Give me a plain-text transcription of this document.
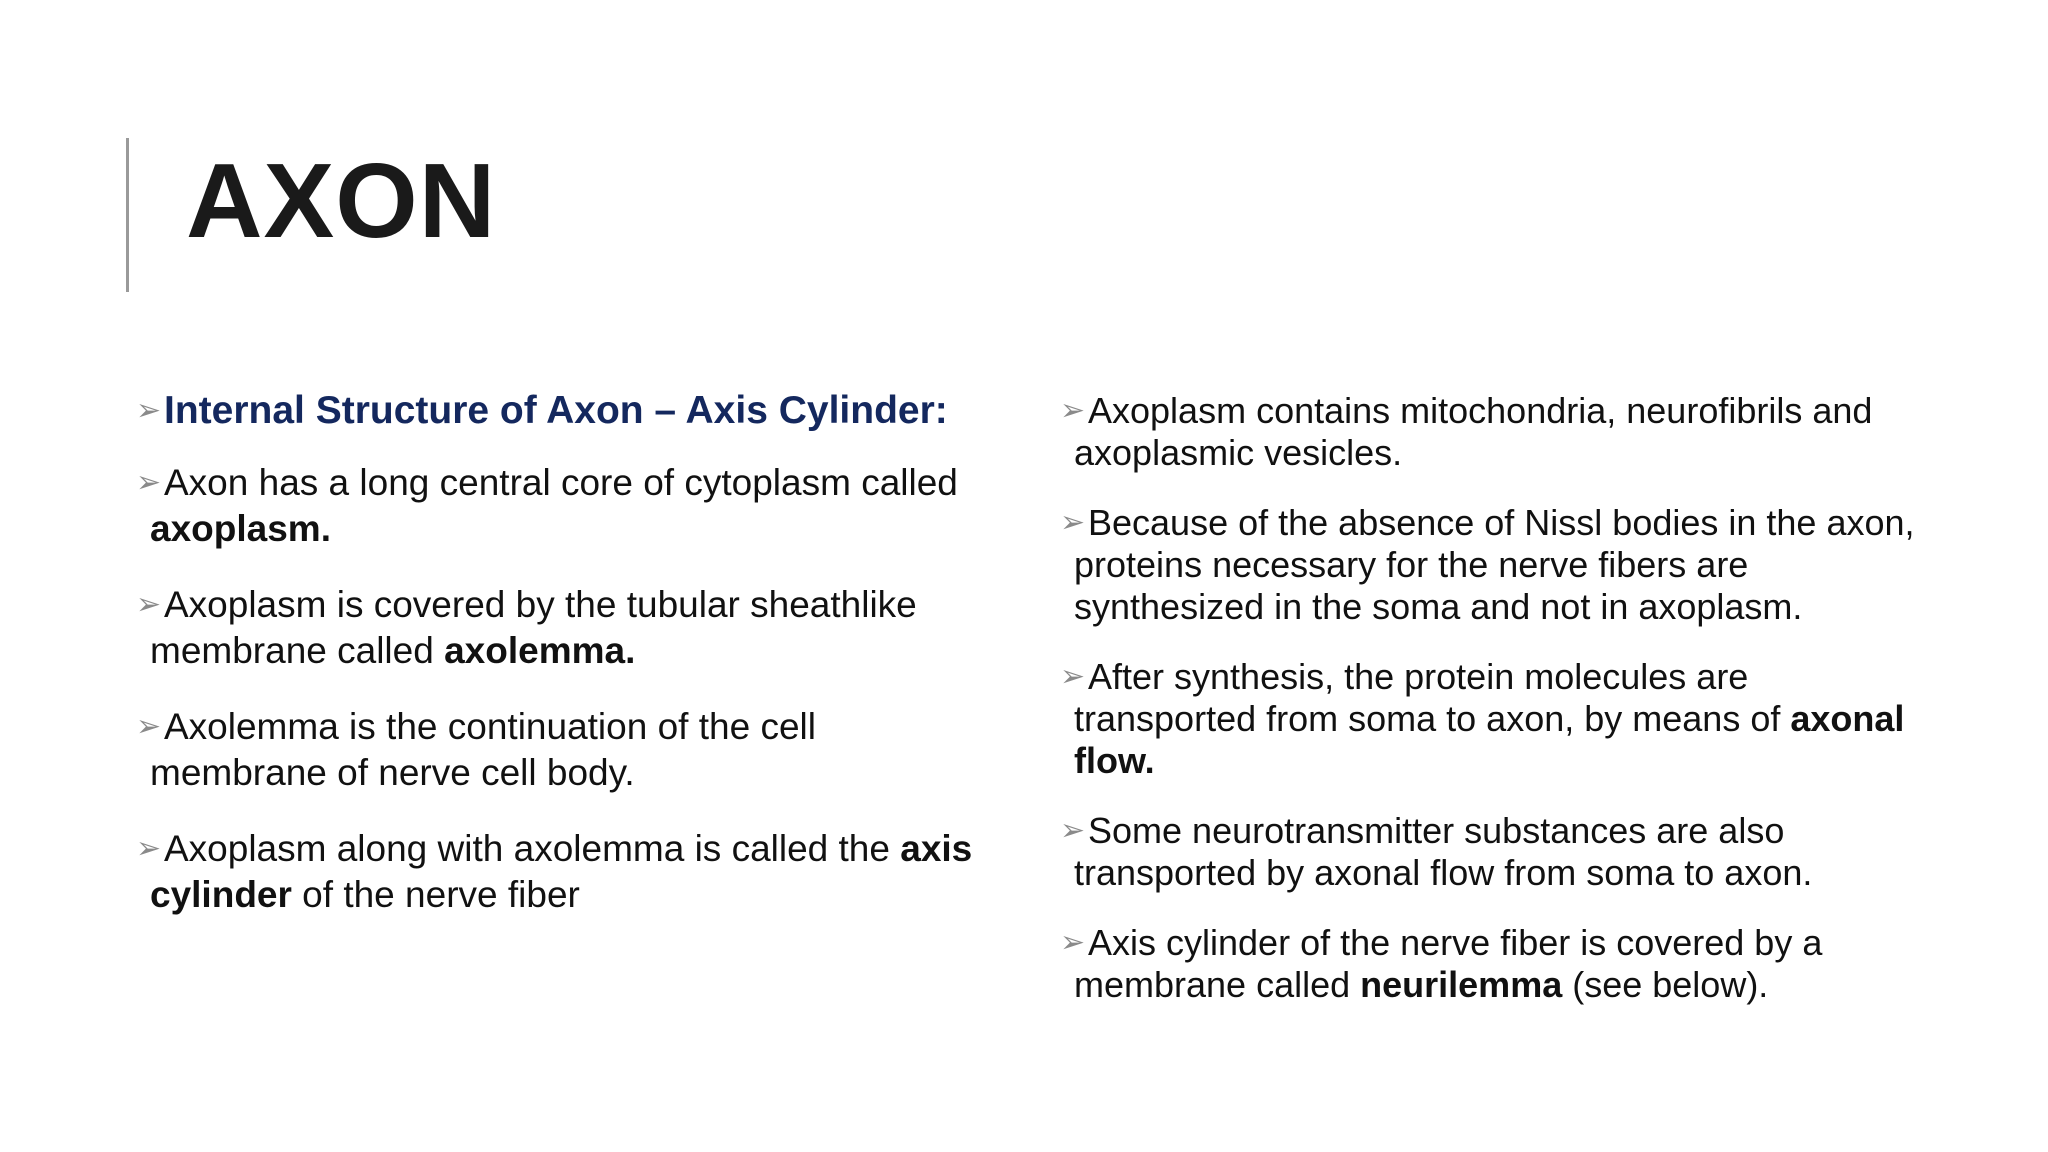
AXON

➢ Internal Structure of Axon – Axis Cylinder:

➢ Axon has a long central core of cytoplasm called axoplasm.

➢ Axoplasm is covered by the tubular sheathlike membrane called axolemma.

➢ Axolemma is the continuation of the cell membrane of nerve cell body.

➢ Axoplasm along with axolemma is called the axis cylinder of the nerve fiber

➢ Axoplasm contains mitochondria, neurofibrils and axoplasmic vesicles.

➢ Because of the absence of Nissl bodies in the axon, proteins necessary for the nerve fibers are synthesized in the soma and not in axoplasm.

➢ After synthesis, the protein molecules are transported from soma to axon, by means of axonal flow.

➢ Some neurotransmitter substances are also transported by axonal flow from soma to axon.

➢ Axis cylinder of the nerve fiber is covered by a membrane called neurilemma (see below).
